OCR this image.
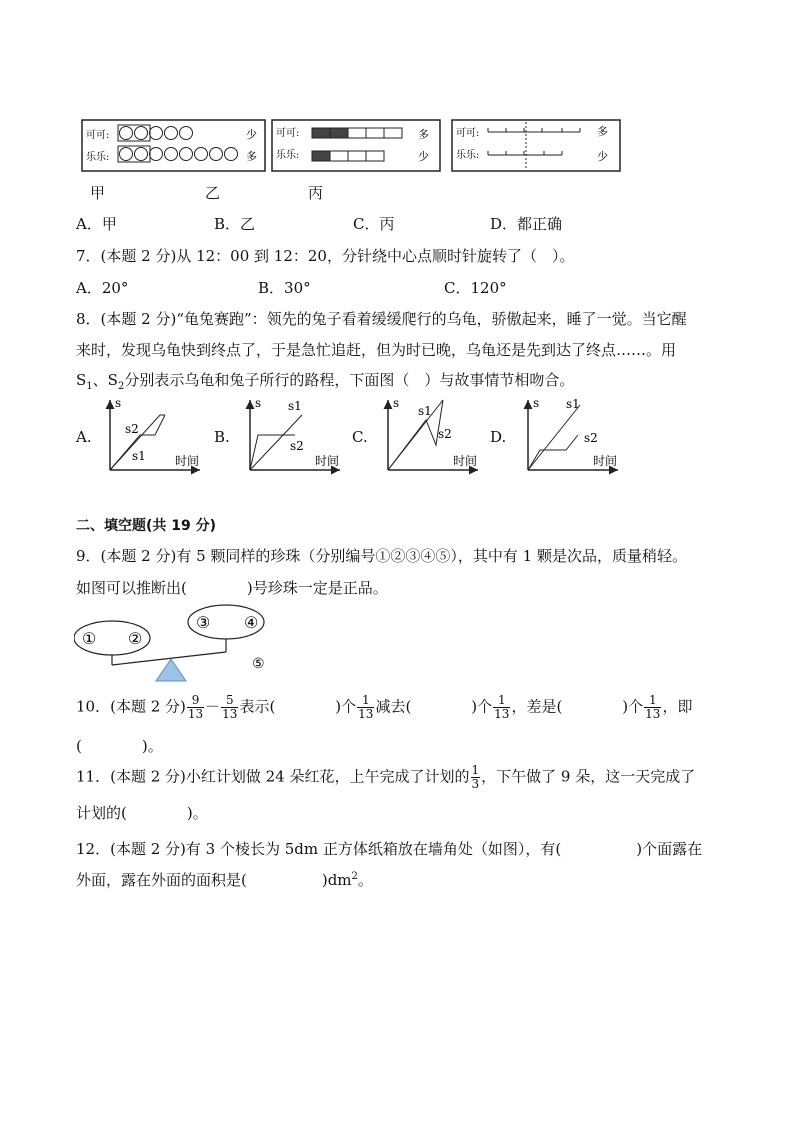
可可:
乐乐:
少
多
可可:
乐乐:
多
少
可可:
乐乐:
多
少
甲	乙	丙
A．甲	B．乙	C．丙	D．都正确
7．(本题 2 分)从 12：00 到 12：20，分针绕中心点顺时针旋转了（　）。
A．20°	B．30°	C．120°
8．(本题 2 分)“龟兔赛跑”：领先的兔子看着缓缓爬行的乌龟，骄傲起来，睡了一觉。当它醒
来时，发现乌龟快到终点了，于是急忙追赶，但为时已晚，乌龟还是先到达了终点……。用
$S_1$、$S_2$分别表示乌龟和兔子所行的路程，下面图（　）与故事情节相吻合。
A.	B.	C.	D.
s
时间
s2
s1
s
时间
s1
s2
s
时间
s1
s2
s
时间
s1
s2
二、填空题(共 19 分)
9．(本题 2 分)有 5 颗同样的珍珠（分别编号①②③④⑤），其中有 1 颗是次品，质量稍轻。
如图可以推断出(　　　　)号珍珠一定是正品。
① ②
③ ④
⑤
10．(本题 2 分) $\frac{9}{13} - \frac{5}{13}$ 表示(　　　　)个 $\frac{1}{13}$ 减去(　　　　)个 $\frac{1}{13}$ ，差是(　　　　)个 $\frac{1}{13}$ ，即
(　　　　)。
11．(本题 2 分)小红计划做 24 朵红花，上午完成了计划的 $\frac{1}{3}$ ，下午做了 9 朵，这一天完成了
计划的(　　　　)。
12．(本题 2 分)有 3 个棱长为 5dm 正方体纸箱放在墙角处（如图），有(　　　　　)个面露在
外面，露在外面的面积是(　　　　　)$dm^2$。
